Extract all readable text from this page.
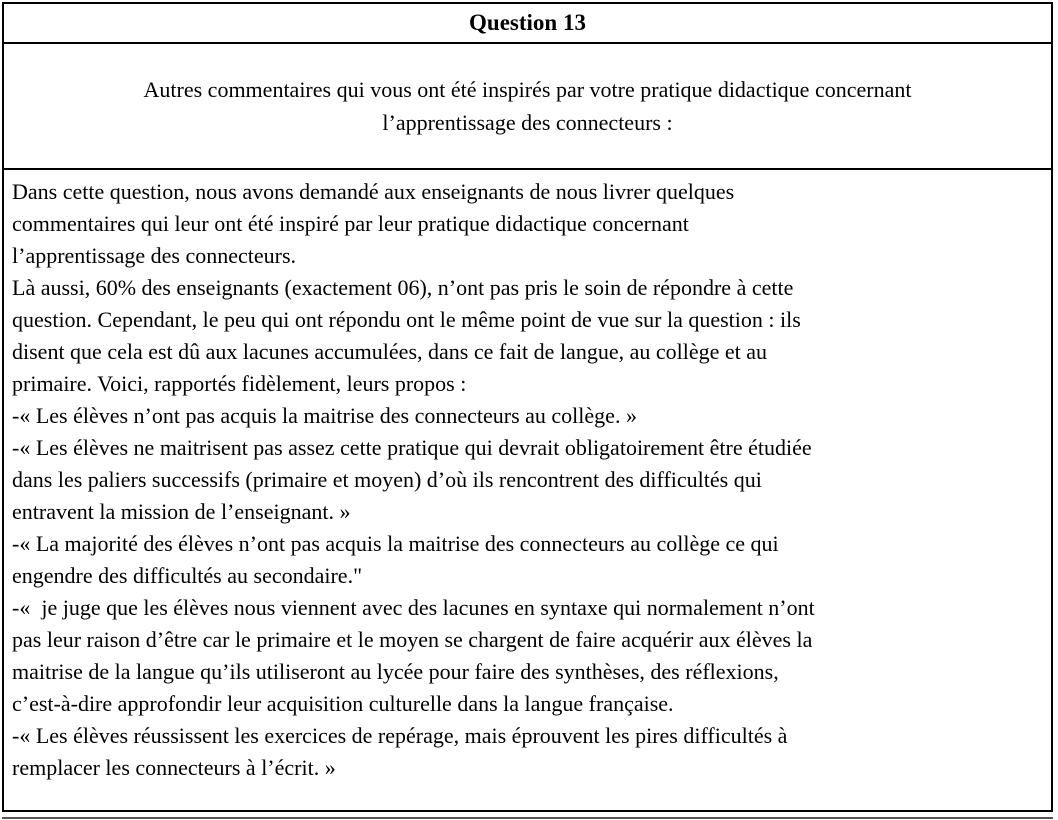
Question 13
Autres commentaires qui vous ont été inspirés par votre pratique didactique concernant
l’apprentissage des connecteurs :
Dans cette question, nous avons demandé aux enseignants de nous livrer quelques
commentaires qui leur ont été inspiré par leur pratique didactique concernant
l’apprentissage des connecteurs.
Là aussi, 60% des enseignants (exactement 06), n’ont pas pris le soin de répondre à cette
question. Cependant, le peu qui ont répondu ont le même point de vue sur la question : ils
disent que cela est dû aux lacunes accumulées, dans ce fait de langue, au collège et au
primaire. Voici, rapportés fidèlement, leurs propos :
-« Les élèves n’ont pas acquis la maitrise des connecteurs au collège. »
-« Les élèves ne maitrisent pas assez cette pratique qui devrait obligatoirement être étudiée
dans les paliers successifs (primaire et moyen) d’où ils rencontrent des difficultés qui
entravent la mission de l’enseignant. »
-« La majorité des élèves n’ont pas acquis la maitrise des connecteurs au collège ce qui
engendre des difficultés au secondaire."
-«  je juge que les élèves nous viennent avec des lacunes en syntaxe qui normalement n’ont
pas leur raison d’être car le primaire et le moyen se chargent de faire acquérir aux élèves la
maitrise de la langue qu’ils utiliseront au lycée pour faire des synthèses, des réflexions,
c’est-à-dire approfondir leur acquisition culturelle dans la langue française.
-« Les élèves réussissent les exercices de repérage, mais éprouvent les pires difficultés à
remplacer les connecteurs à l’écrit. »
